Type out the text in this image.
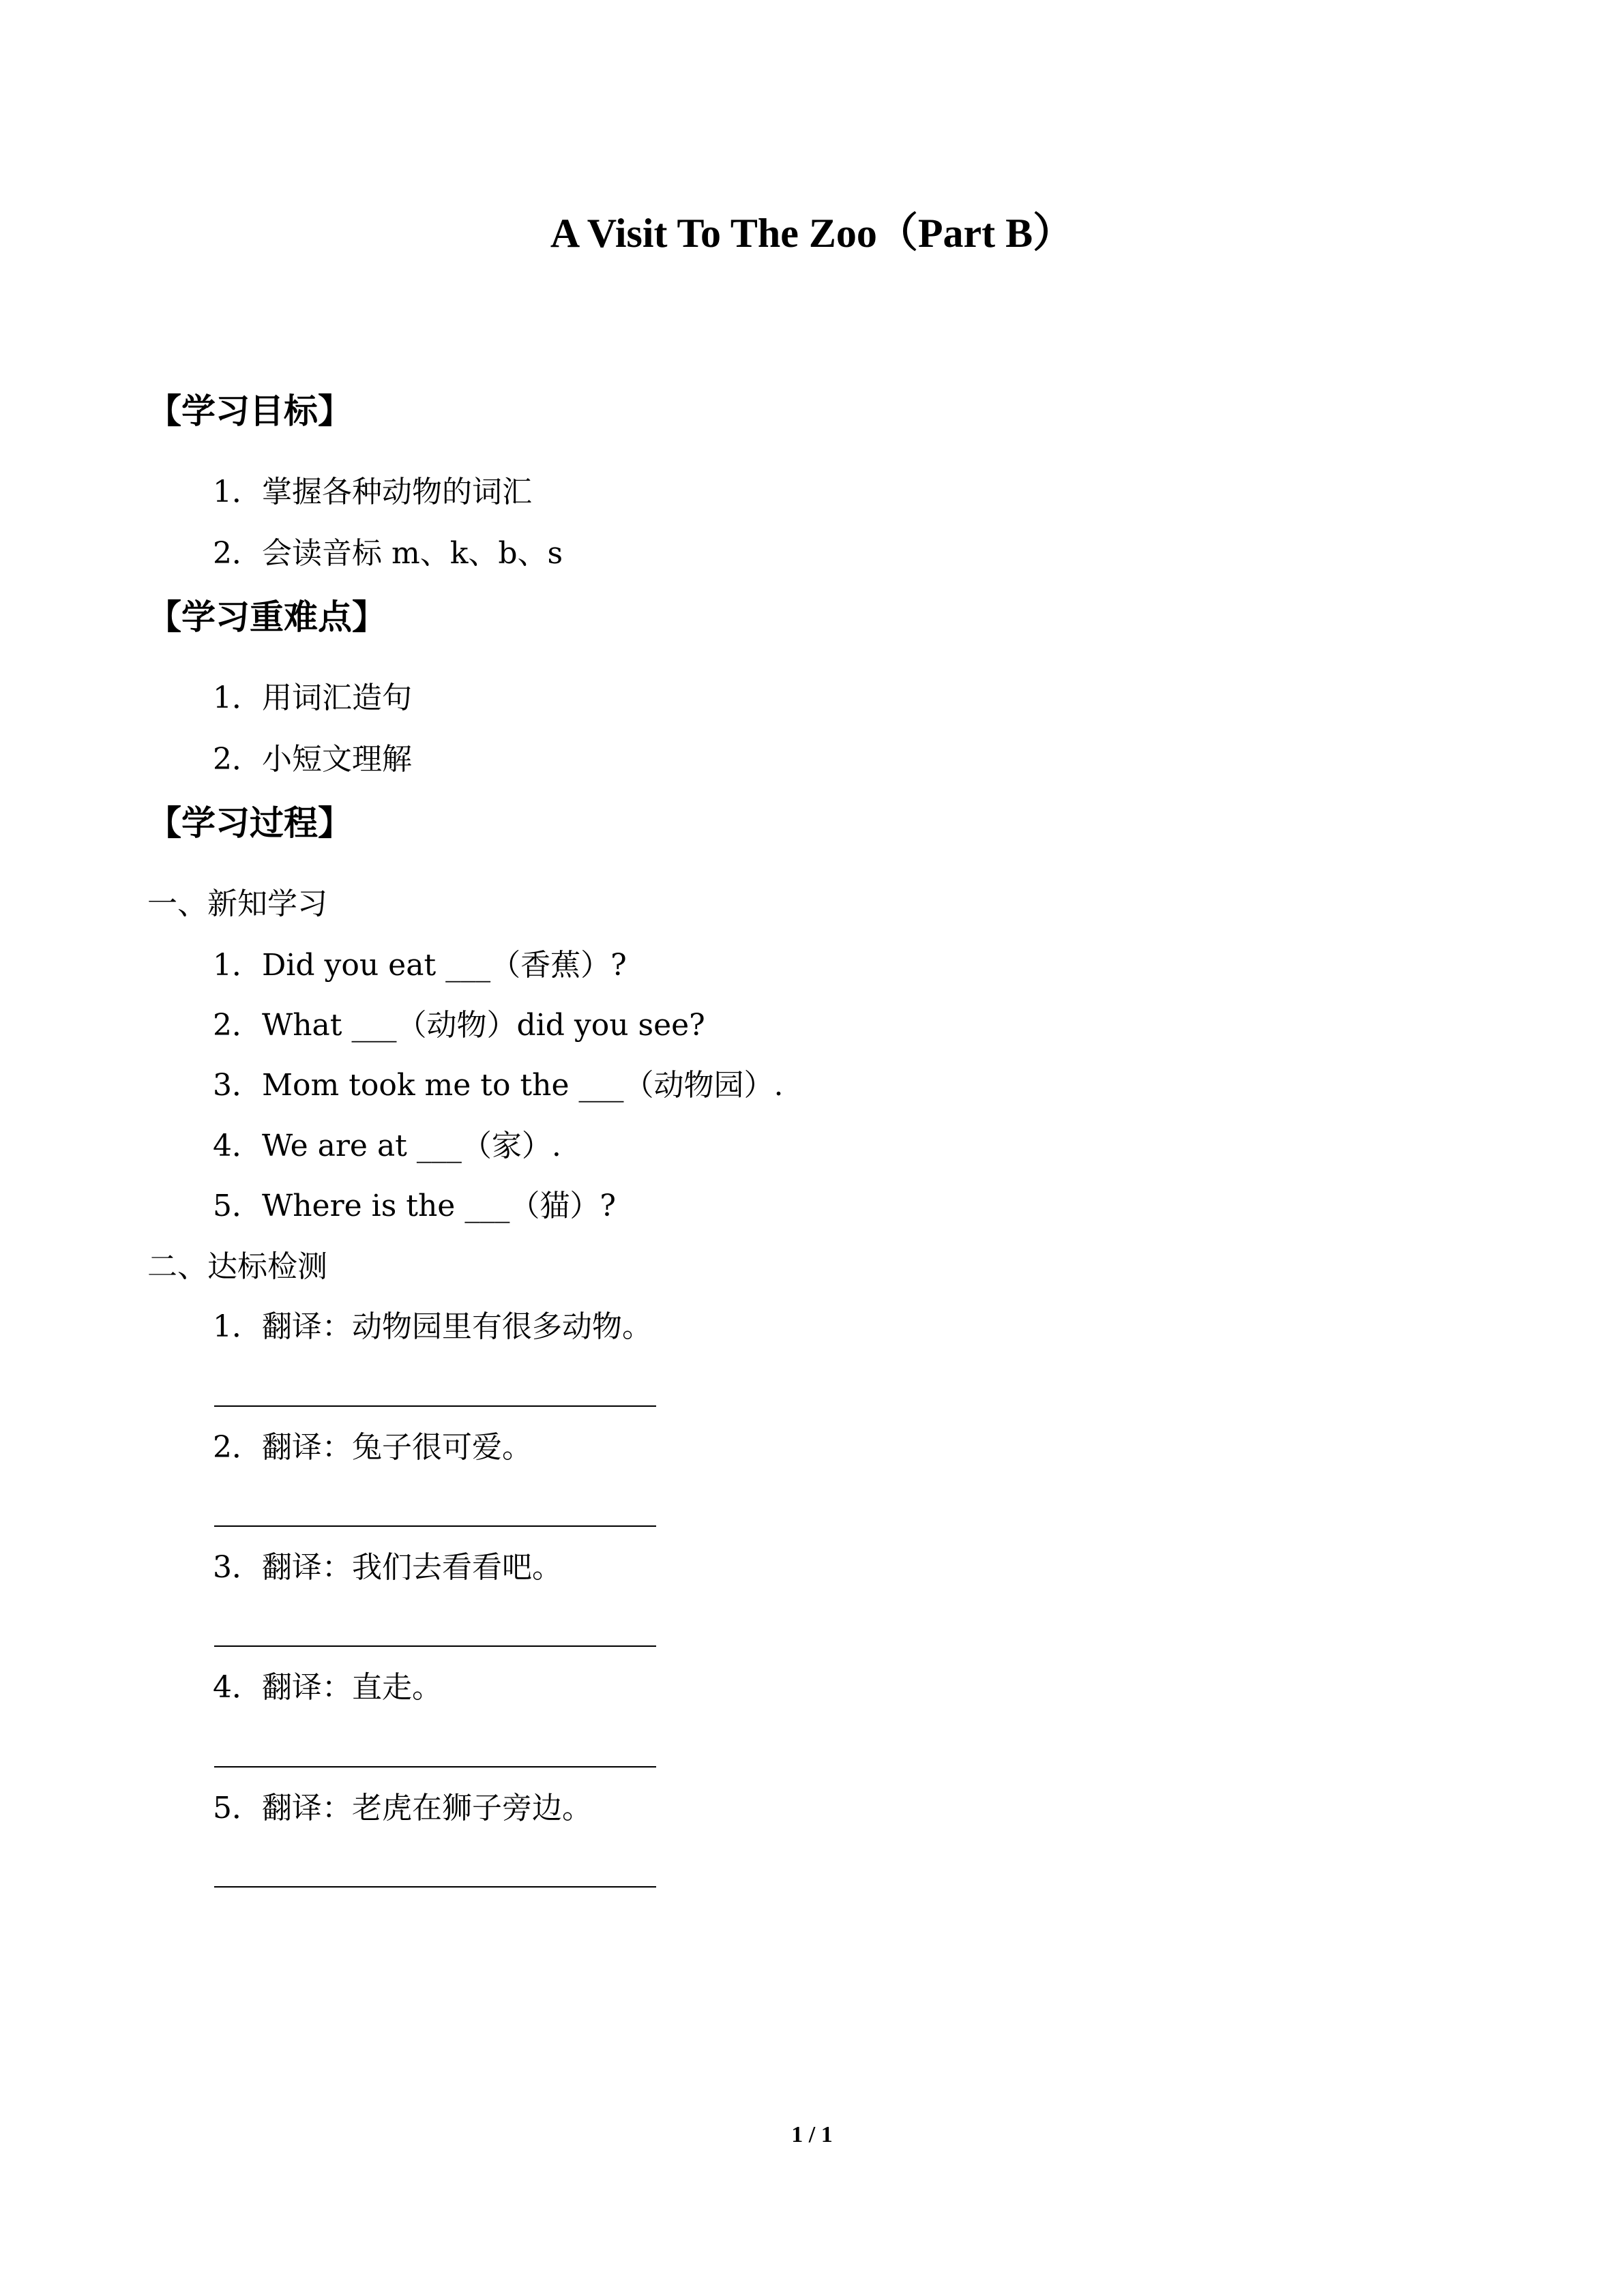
A Visit To The Zoo（Part B）
【学习目标】
1．掌握各种动物的词汇
2．会读音标 m、k、b、s
【学习重难点】
1．用词汇造句
2．小短文理解
【学习过程】
一、新知学习
1．Did you eat ___（香蕉）?
2．What ___（动物）did you see?
3．Mom took me to the ___（动物园）.
4．We are at ___（家）.
5．Where is the ___（猫）?
二、达标检测
1．翻译：动物园里有很多动物。
2．翻译：兔子很可爱。
3．翻译：我们去看看吧。
4．翻译：直走。
5．翻译：老虎在狮子旁边。
1 / 1
